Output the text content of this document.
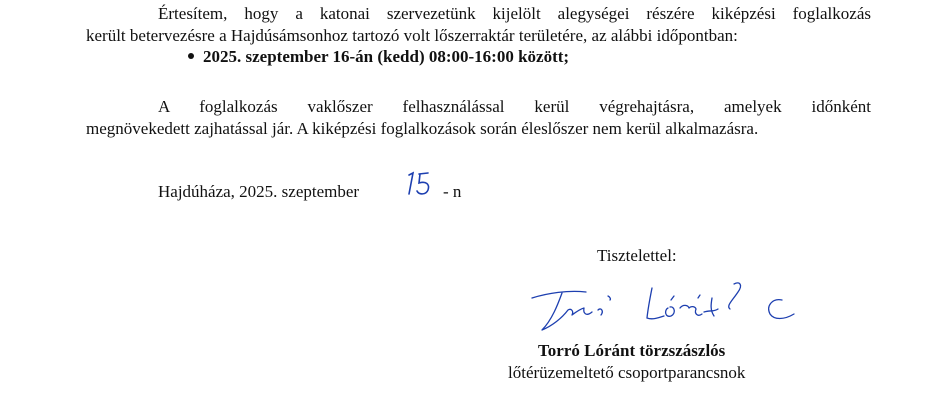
Értesítem, hogy a katonai szervezetünk kijelölt alegységei részére kiképzési foglalkozás
került betervezésre a Hajdúsámsonhoz tartozó volt lőszerraktár területére, az alábbi időpontban:
2025. szeptember 16-án (kedd) 08:00-16:00 között;
A foglalkozás vaklőszer felhasználással kerül végrehajtásra, amelyek időnként
megnövekedett zajhatással jár. A kiképzési foglalkozások során éleslőszer nem kerül alkalmazásra.
Hajdúháza, 2025. szeptember	- n
Tisztelettel:
Torró Lóránt törzszászlós
lőtérüzemeltető csoportparancsnok
